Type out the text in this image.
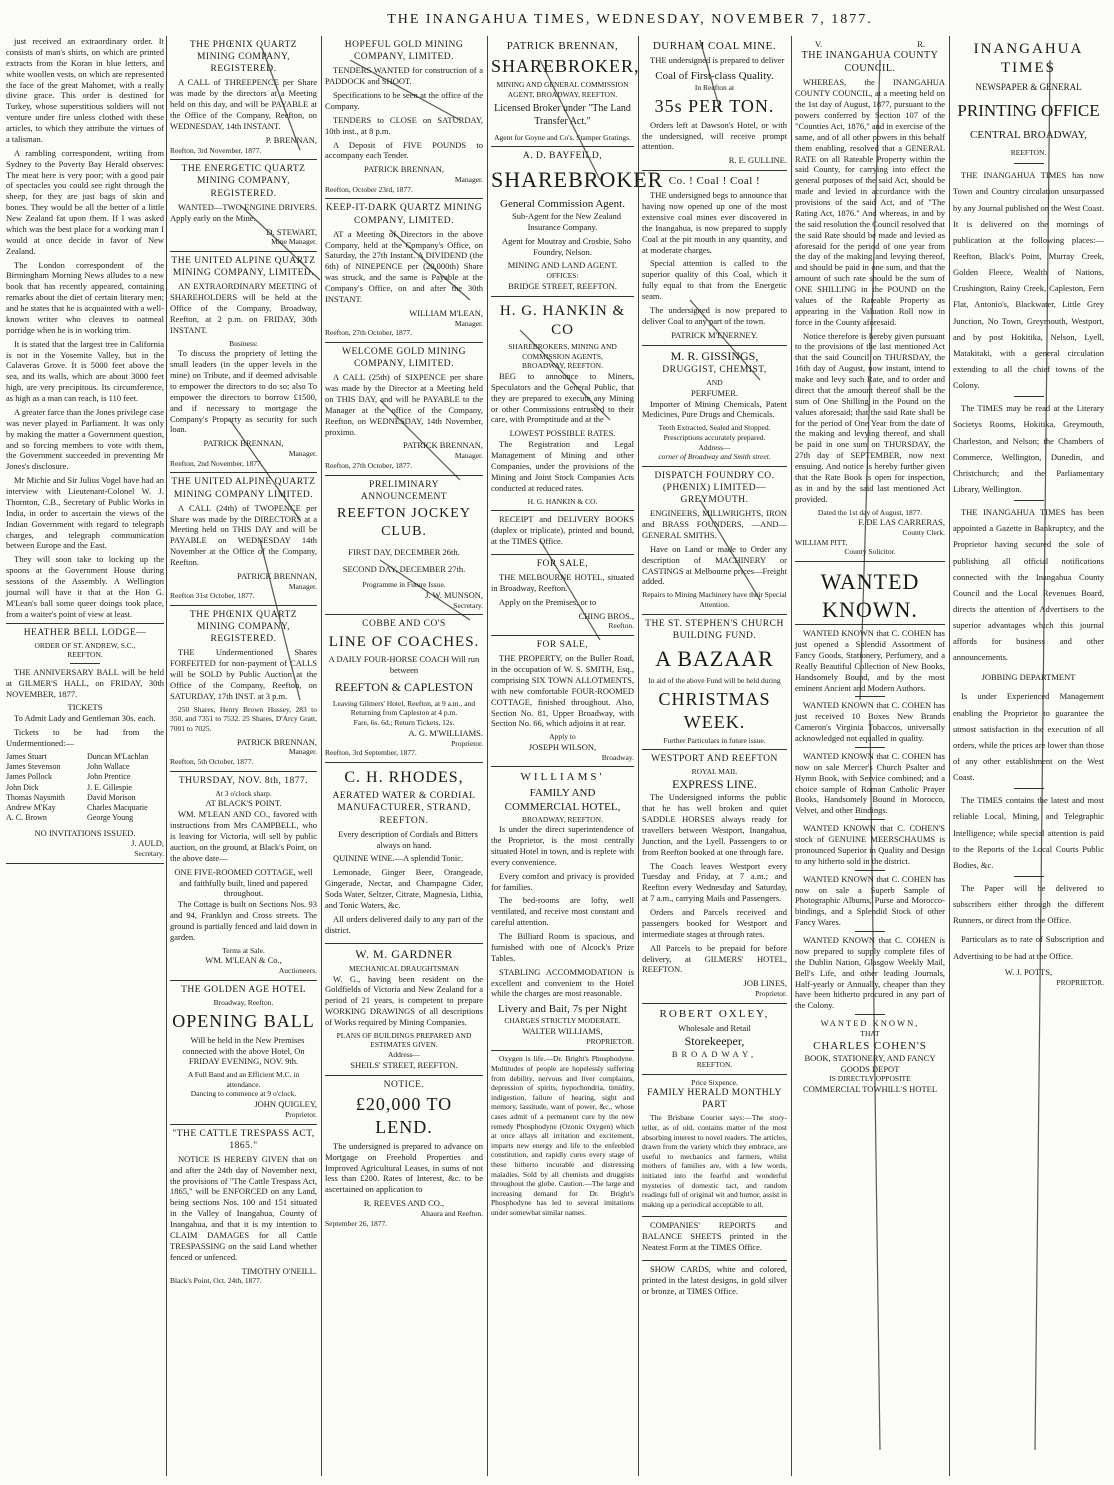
THE INANGAHUA TIMES, WEDNESDAY, NOVEMBER 7, 1877.

just received an extraordinary order. It consists of man's shirts, on which are printed extracts from the Koran in blue letters, and white woollen vests, on which are represented the face of the great Mahomet, with a really divine grace. This order is destined for Turkey, whose superstitious soldiers will not venture under fire unless clothed with these articles, to which they attribute the virtues of a talisman.

A rambling correspondent, writing from Sydney to the Poverty Bay Herald observes: The meat here is very poor; with a good pair of spectacles you could see right through the sheep, for they are just bags of skin and bones. They would be all the better of a little New Zealand fat upon them. If I was asked which was the best place for a working man I would at once decide in favor of New Zealand.

The London correspondent of the Birmingham Morning News alludes to a new book that has recently appeared, containing remarks about the diet of certain literary men; and he states that he is acquainted with a well-known writer who cleaves to oatmeal porridge when he is in working trim.

It is stated that the largest tree in California is not in the Yosemite Valley, but in the Calaveras Grove. It is 5000 feet above the sea, and its walls, which are about 3000 feet high, are very precipitous. Its circumference, as high as a man can reach, is 110 feet.

A greater farce than the Jones privilege case was never played in Parliament. It was only by making the matter a Government question, and so forcing members to vote with them, the Government succeeded in preventing Mr Jones's disclosure.

Mr Michie and Sir Julius Vogel have had an interview with Lieutenant-Colonel W. J. Thornton, C.B., Secretary of Public Works in India, in order to ascertain the views of the Indian Government with regard to telegraph charges, and telegraph communication between Europe and the East.

They will soon take to locking up the spoons at the Government House during sessions of the Assembly. A Wellington journal will have it that at the Hon G. M'Lean's ball some queer doings took place, from a waiter's point of view at least.

HEATHER BELL LODGE—
ORDER OF ST. ANDREW, S.C.,
REEFTON.

THE ANNIVERSARY BALL will be held at GILMER'S HALL, on FRIDAY, 30th NOVEMBER, 1877.

TICKETS

To Admit Lady and Gentleman 30s. each.

Tickets to be had from the Undermentioned:—

James Stuart	Duncan M'Lachlan
James Stevenson	John Wallace
James Pollock	John Prentice
John Dick	J. E. Gillespie
Thomas Naysmith	David Morison
Andrew M'Kay	Charles Macquarie
A. C. Brown	George Young
NO INVITATIONS ISSUED.
J. AULD,
Secretary.
THE PHŒNIX QUARTZ MINING COMPANY, REGISTERED.

A CALL of THREEPENCE per Share was made by the directors at a Meeting held on this day, and will be PAYABLE at the Office of the Company, Reefton, on WEDNESDAY, 14th INSTANT.

P. BRENNAN,
Reefton, 3rd November, 1877.
THE ENERGETIC QUARTZ MINING COMPANY, REGISTERED.

WANTED—TWO ENGINE DRIVERS. Apply early on the Mine.

D. STEWART,
Mine Manager.
THE UNITED ALPINE QUARTZ MINING COMPANY, LIMITED.

AN EXTRAORDINARY MEETING of SHAREHOLDERS will be held at the Office of the Company, Broadway, Reefton, at 2 p.m. on FRIDAY, 30th INSTANT.

Business:

To discuss the propriety of letting the small leaders (in the upper levels in the mine) on Tribute, and if deemed advisable to empower the directors to do so; also To empower the directors to borrow £1500, and if necessary to mortgage the Company's Property as security for such loan.

PATRICK BRENNAN,
Manager.
Reefton, 2nd November, 1877.
THE UNITED ALPINE QUARTZ MINING COMPANY LIMITED.

A CALL (24th) of TWOPENCE per Share was made by the DIRECTORS at a Meeting held on THIS DAY and will be PAYABLE on WEDNESDAY 14th November at the Office of the Company, Reefton.

PATRICK BRENNAN,
Manager.
Reefton 31st October, 1877.
THE PHŒNIX QUARTZ MINING COMPANY, REGISTERED.

THE Undermentioned Shares FORFEITED for non-payment of CALLS will be SOLD by Public Auction at the Office of the Company, Reefton, on SATURDAY, 17th INST. at 3 p.m.

250 Shares, Henry Brown Hussey, 283 to 350, and 7351 to 7532. 25 Shares, D'Arcy Gratt, 7001 to 7025.

PATRICK BRENNAN,
Manager.
Reefton, 5th October, 1877.
THURSDAY, NOV. 8th, 1877.
At 3 o'clock sharp.
AT BLACK'S POINT.

WM. M'LEAN AND CO., favored with instructions from Mrs CAMPBELL, who is leaving for Victoria, will sell by public auction, on the ground, at Black's Point, on the above date—

ONE FIVE-ROOMED COTTAGE, well and faithfully built, lined and papered throughout.

The Cottage is built on Sections Nos. 93 and 94, Franklyn and Cross streets. The ground is partially fenced and laid down in garden.

Terms at Sale.
WM. M'LEAN & Co.,
Auctioneers.
THE GOLDEN AGE HOTEL
Broadway, Reefton.
OPENING BALL

Will be held in the New Premises connected with the above Hotel, On FRIDAY EVENING, NOV. 9th.

A Full Band and an Efficient M.C. in attendance.
Dancing to commence at 9 o'clock.
JOHN QUIGLEY,
Proprietor.
"THE CATTLE TRESPASS ACT, 1865."

NOTICE IS HEREBY GIVEN that on and after the 24th day of November next, the provisions of "The Cattle Trespass Act, 1865," will be ENFORCED on any Land, being sections Nos. 100 and 151 situated in the Valley of Inangahua, County of Inangahua, and that it is my intention to CLAIM DAMAGES for all Cattle TRESPASSING on the said Land whether fenced or unfenced.

TIMOTHY O'NEILL.
Black's Point, Oct. 24th, 1877.
HOPEFUL GOLD MINING COMPANY, LIMITED.

TENDERS WANTED for construction of a PADDOCK and SHOOT.

Specifications to be seen at the office of the Company.

TENDERS to CLOSE on SATURDAY, 10th inst., at 8 p.m.

A Deposit of FIVE POUNDS to accompany each Tender.

PATRICK BRENNAN,
Manager.
Reefton, October 23rd, 1877.
KEEP-IT-DARK QUARTZ MINING COMPANY, LIMITED.

AT a Meeting of Directors in the above Company, held at the Company's Office, on Saturday, the 27th Instant. A DIVIDEND (the 6th) of NINEPENCE per (20,000th) Share was struck, and the same is Payable at the Company's Office, on and after the 30th INSTANT.

WILLIAM M'LEAN,
Manager.
Reefton, 27th October, 1877.
WELCOME GOLD MINING COMPANY, LIMITED.

A CALL (25th) of SIXPENCE per share was made by the Director at a Meeting held on THIS DAY, and will be PAYABLE to the Manager at the office of the Company, Reefton, on WEDNESDAY, 14th November, proximo.

PATRICK BRENNAN,
Manager.
Reefton, 27th October, 1877.
PRELIMINARY ANNOUNCEMENT
REEFTON JOCKEY CLUB.
FIRST DAY, DECEMBER 26th.
SECOND DAY, DECEMBER 27th.
Programme in Future Issue.
J. W. MUNSON,
Secretary.
COBBE AND CO'S
LINE OF COACHES.
A DAILY FOUR-HORSE COACH Will run between
REEFTON & CAPLESTON
Leaving Gilmers' Hotel, Reefton, at 9 a.m., and
Returning from Capleston at 4 p.m.
Fare, 6s. 6d.; Return Tickets, 12s.
A. G. M'WILLIAMS.
Proprietor.
Reefton, 3rd September, 1877.
C. H. RHODES,
AERATED WATER & CORDIAL MANUFACTURER, STRAND, REEFTON.

Every description of Cordials and Bitters always on hand.

QUININE WINE.—A splendid Tonic.

Lemonade, Ginger Beer, Orangeade, Gingerade, Nectar, and Champagne Cider, Soda Water, Seltzer, Citrate, Magnesia, Lithia, and Tonic Waters, &c.

All orders delivered daily to any part of the district.

W. M. GARDNER
MECHANICAL DRAUGHTSMAN

W. G., having been resident on the Goldfields of Victoria and New Zealand for a period of 21 years, is competent to prepare WORKING DRAWINGS of all descriptions of Works required by Mining Companies.

PLANS OF BUILDINGS PREPARED AND ESTIMATES GIVEN.
Address—
SHEILS' STREET, REEFTON.
NOTICE.
£20,000 TO LEND.

The undersigned is prepared to advance on Mortgage on Freehold Properties and Improved Agricultural Leases, in sums of not less than £200. Rates of Interest, &c. to be ascertained on application to

R. REEVES AND CO.,
Ahaura and Reefton.
September 26, 1877.
PATRICK BRENNAN,
SHAREBROKER,
MINING AND GENERAL COMMISSION AGENT, BROADWAY, REEFTON.
Licensed Broker under "The Land Transfer Act."
Agent for Goyne and Co's. Stamper Gratings.
A. D. BAYFEILD,
SHAREBROKER
General Commission Agent.

Sub-Agent for the New Zealand Insurance Company.

Agent for Moutray and Crosbie, Soho Foundry, Nelson.

MINING AND LAND AGENT.
OFFICES:
BRIDGE STREET, REEFTON.
H. G. HANKIN & CO
SHAREBROKERS, MINING AND COMMISSION AGENTS,
BROADWAY, REEFTON.

BEG to announce to Miners, Speculators and the General Public, that they are prepared to execute any Mining or other Commissions entrusted to their care, with Promptitude and at the

LOWEST POSSIBLE RATES.

The Registration and Legal Management of Mining and other Companies, under the provisions of the Mining and Joint Stock Companies Acts conducted at reduced rates.

H. G. HANKIN & CO.

RECEIPT and DELIVERY BOOKS (duplex or triplicate), printed and bound, at the TIMES Office.

FOR SALE,

THE MELBOURNE HOTEL, situated in Broadway, Reefton.

Apply on the Premises, or to

CHING BROS.,
Reefton.
FOR SALE,

THE PROPERTY, on the Buller Road, in the occupation of W. S. SMITH, Esq., comprising SIX TOWN ALLOTMENTS, with new comfortable FOUR-ROOMED COTTAGE, finished throughout. Also, Section No. 81, Upper Broadway, with Section No. 66, which adjoins it at rear.

Apply to
JOSEPH WILSON,
Broadway.
WILLIAMS'
FAMILY AND COMMERCIAL HOTEL,
BROADWAY, REEFTON.

Is under the direct superintendence of the Proprietor, is the most centrally situated Hotel in town, and is replete with every convenience.

Every comfort and privacy is provided for families.

The bed-rooms are lofty, well ventilated, and receive most constant and careful attention.

The Billiard Room is spacious, and furnished with one of Alcock's Prize Tables.

STABLING ACCOMMODATION is excellent and convenient to the Hotel while the charges are most reasonable.

Livery and Bait, 7s per Night
CHARGES STRICTLY MODERATE.
WALTER WILLIAMS,
PROPRIETOR.

Oxygen is life.—Dr. Bright's Phosphodyne. Multitudes of people are hopelessly suffering from debility, nervous and liver complaints, depression of spirits, hypochondria, timidity, indigestion, failure of hearing, sight and memory, lassitude, want of power, &c., whose cases admit of a permanent cure by the new remedy Phosphodyne (Ozonic Oxygen) which at once allays all irritation and excitement, imparts new energy and life to the enfeebled constitution, and rapidly cures every stage of these hitherto incurable and distressing maladies. Sold by all chemists and druggists throughout the globe. Caution.—The large and increasing demand for Dr. Bright's Phosphodyne has led to several imitations under somewhat similar names.

DURHAM COAL MINE.

THE undersigned is prepared to deliver

Coal of First-class Quality.
In Reefton at
35s PER TON.

Orders left at Dawson's Hotel, or with the undersigned, will receive prompt attention.

R. E. GULLINE.
Co. ! Coal ! Coal !

THE undersigned begs to announce that having now opened up one of the most extensive coal mines ever discovered in the Inangahua, is now prepared to supply Coal at the pit mouth in any quantity, and at moderate charges.

Special attention is called to the superior quality of this Coal, which it fully equal to that from the Energetic seam.

The undersigned is now prepared to deliver Coal to any part of the town.

PATRICK M'ENERNEY.
M. R. GISSINGS,
DRUGGIST, CHEMIST,
AND
PERFUMER.

Importer of Mining Chemicals, Patent Medicines, Pure Drugs and Chemicals.

Teeth Extracted, Sealed and Stopped.
Prescriptions accurately prepared.
Address—
corner of Broadway and Smith street.
DISPATCH FOUNDRY CO. (PHŒNIX) LIMITED—GREYMOUTH.

ENGINEERS, MILLWRIGHTS, IRON and BRASS FOUNDERS, —AND— GENERAL SMITHS.

Have on Land or made to Order any description of MACHINERY or CASTINGS at Melbourne prices—Freight added.

Repairs to Mining Machinery have their Special Attention.
THE ST. STEPHEN'S CHURCH BUILDING FUND.
A BAZAAR
In aid of the above Fund will be held during
CHRISTMAS WEEK.
Further Particulars in future issue.
WESTPORT AND REEFTON
ROYAL MAIL
EXPRESS LINE.

The Undersigned informs the public that he has well broken and quiet SADDLE HORSES always ready for travellers between Westport, Inangahua, Junction, and the Lyell. Passengers to or from Reefton booked at one through fare.

The Coach leaves Westport every Tuesday and Friday, at 7 a.m.; and Reefton every Wednesday and Saturday, at 7 a.m., carrying Mails and Passengers.

Orders and Parcels received and passengers booked for Westport and intermediate stages at through rates.

All Parcels to be prepaid for before delivery, at GILMERS' HOTEL, REEFTON.

JOB LINES,
Proprietor.
ROBERT OXLEY,
Wholesale and Retail
Storekeeper,
BROADWAY,
REEFTON.
Price Sixpence.
FAMILY HERALD MONTHLY PART

The Brisbane Courier says:—The story-teller, as of old, contains matter of the most absorbing interest to novel readers. The articles, drawn from the variety which they embrace, are useful to mechanics and farmers, whilst mothers of families are, with a few words, initiated into the fearful and wonderful mysteries of domestic tact, and random readings full of original wit and humor, assist in making up a periodical acceptable to all.

COMPANIES' REPORTS and BALANCE SHEETS printed in the Neatest Form at the TIMES Office.

SHOW CARDS, white and colored, printed in the latest designs, in gold silver or bronze, at TIMES Office.

V.	R.
THE INANGAHUA COUNTY COUNCIL.

WHEREAS, the INANGAHUA COUNTY COUNCIL, at a meeting held on the 1st day of August, 1877, pursuant to the powers conferred by Section 107 of the "Counties Act, 1876," and in exercise of the same, and of all other powers in this behalf them enabling, resolved that a GENERAL RATE on all Rateable Property within the said County, for carrying into effect the general purposes of the said Act, should be made and levied in accordance with the provisions of the said Act, and of "The Rating Act, 1876." And whereas, in and by the said resolution the Council resolved that the said Rate should be made and levied as aforesaid for the period of one year from the day of the making and levying thereof, and should be paid in one sum, and that the amount of such rate should be the sum of ONE SHILLING in the POUND on the values of the Rateable Property as appearing in the Valuation Roll now in force in the County aforesaid.

Notice therefore is hereby given pursuant to the provisions of the last mentioned Act that the said Council on THURSDAY, the 16th day of August, now instant, intend to make and levy such Rate, and to order and direct that the amount thereof shall be the sum of One Shilling in the Pound on the values aforesaid; that the said Rate shall be for the period of One Year from the date of the making and levying thereof, and shall be paid in one sum on THURSDAY, the 27th day of SEPTEMBER, now next ensuing. And notice is hereby further given that the Rate Book is open for inspection, as in and by the said last mentioned Act provided.

Dated the 1st day of August, 1877.
F. DE LAS CARRERAS,
County Clerk.
WILLIAM PITT,
County Solicitor.
WANTED KNOWN.

WANTED KNOWN that C. COHEN has just opened a Splendid Assortment of Fancy Goods, Stationery, Perfumery, and a Really Beautiful Collection of New Books, Handsomely Bound, and by the most eminent Ancient and Modern Authors.

WANTED KNOWN that C. COHEN has just received 10 Boxes New Brands Cameron's Virginia Tobaccos, universally acknowledged not equalled in quality.

WANTED KNOWN that C. COHEN has now on sale Mercer's Church Psalter and Hymn Book, with Service combined; and a choice sample of Roman Catholic Prayer Books, Handsomely Bound in Morocco, Velvet, and other Bindings.

WANTED KNOWN that C. COHEN'S stock of GENUINE MEERSCHAUMS is pronounced Superior in Quality and Design to any hitherto sold in the district.

WANTED KNOWN that C. COHEN has now on sale a Superb Sample of Photographic Albums, Purse and Morocco-bindings, and a Splendid Stock of other Fancy Wares.

WANTED KNOWN that C. COHEN is now prepared to supply complete files of the Dublin Nation, Glasgow Weekly Mail, Bell's Life, and other leading Journals, Half-yearly or Annually, cheaper than they have been hitherto procured in any part of the Colony.

WANTED KNOWN,
THAT
CHARLES COHEN'S
BOOK, STATIONERY, AND FANCY GOODS DEPOT
IS DIRECTLY OPPOSITE
COMMERCIAL TOWHILL'S HOTEL
INANGAHUA TIMES
NEWSPAPER & GENERAL
PRINTING OFFICE
CENTRAL BROADWAY,
REEFTON.

THE INANGAHUA TIMES has now Town and Country circulation unsurpassed by any Journal published on the West Coast. It is delivered on the mornings of publication at the following places:—Reefton, Black's Point, Murray Creek, Golden Fleece, Wealth of Nations, Crushington, Rainy Creek, Capleston, Fern Flat, Antonio's, Blackwater, Little Grey Junction, No Town, Greymouth, Westport, and by post Hokitika, Nelson, Lyell, Matakitaki, with a general circulation extending to all the chief towns of the Colony.

The TIMES may be read at the Literary Societys Rooms, Hokitika, Greymouth, Charleston, and Nelson; the Chambers of Commerce, Wellington, Dunedin, and Christchurch; and the Parliamentary Library, Wellington.

THE INANGAHUA TIMES has been appointed a Gazette in Bankruptcy, and the Proprietor having secured the sole of publishing all official notifications connected with the Inangahua County Council and the Local Revenues Board, directs the attention of Advertisers to the superior advantages which this journal affords for business and other announcements.

JOBBING DEPARTMENT

Is under Experienced Management enabling the Proprietor to guarantee the utmost satisfaction in the execution of all orders, while the prices are lower than those of any other establishment on the West Coast.

The TIMES contains the latest and most reliable Local, Mining, and Telegraphic Intelligence; while special attention is paid to the Reports of the Local Courts Public Bodies, &c.

The Paper will be delivered to subscribers either through the different Runners, or direct from the Office.

Particulars as to rate of Subscription and Advertising to be had at the Office.

W. J. POTTS,
PROPRIETOR.
